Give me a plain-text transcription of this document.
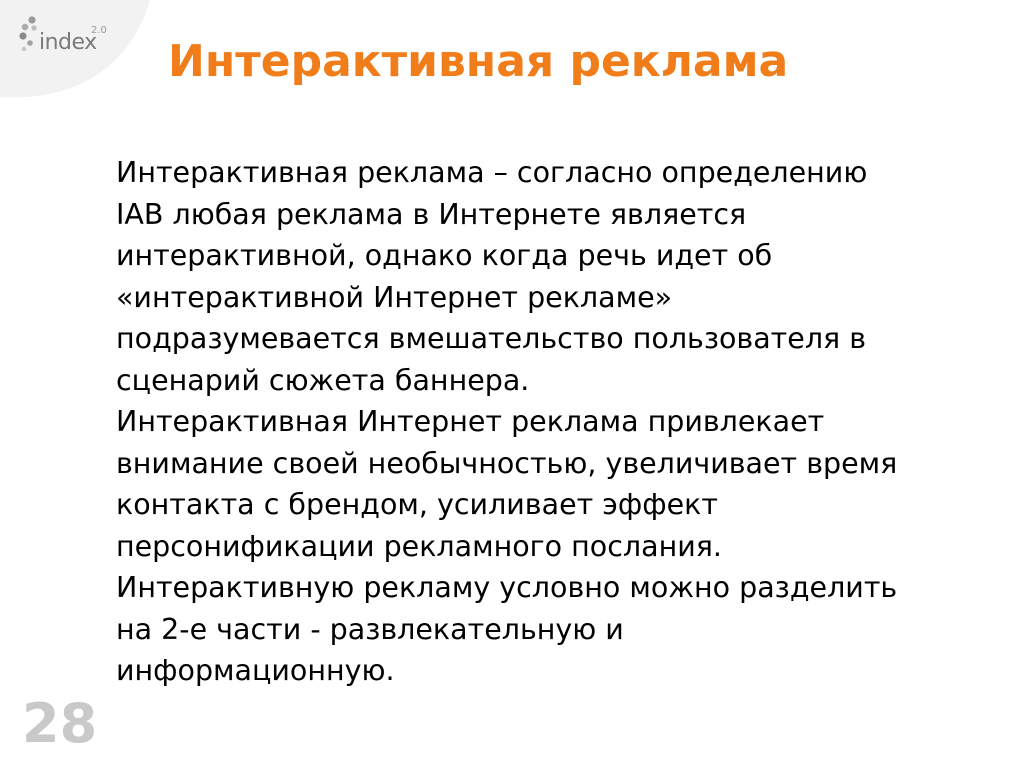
index
2.0
Интерактивная реклама
Интерактивная реклама – согласно определению
IAB любая реклама в Интернете является
интерактивной, однако когда речь идет об
«интерактивной Интернет рекламе»
подразумевается вмешательство пользователя в
сценарий сюжета баннера.
Интерактивная Интернет реклама привлекает
внимание своей необычностью, увеличивает время
контакта с брендом, усиливает эффект
персонификации рекламного послания.
Интерактивную рекламу условно можно разделить
на 2-е части - развлекательную и
информационную.
28
